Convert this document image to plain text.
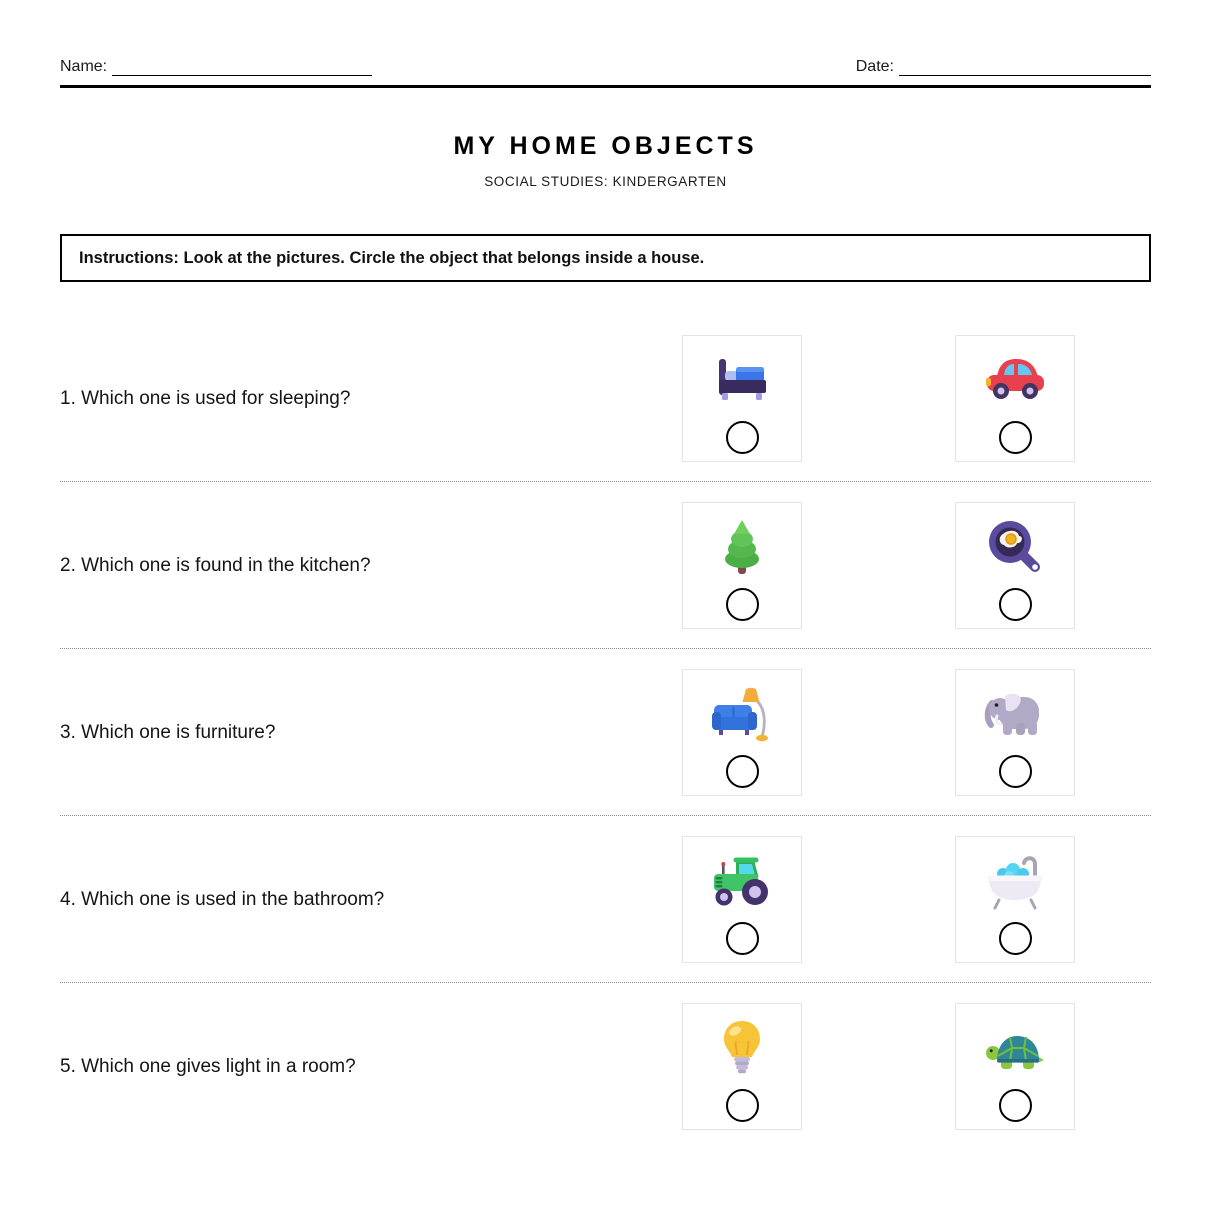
Name:	Date:
MY HOME OBJECTS
SOCIAL STUDIES: KINDERGARTEN
Instructions: Look at the pictures. Circle the object that belongs inside a house.
1. Which one is used for sleeping?
2. Which one is found in the kitchen?
3. Which one is furniture?
4. Which one is used in the bathroom?
5. Which one gives light in a room?
